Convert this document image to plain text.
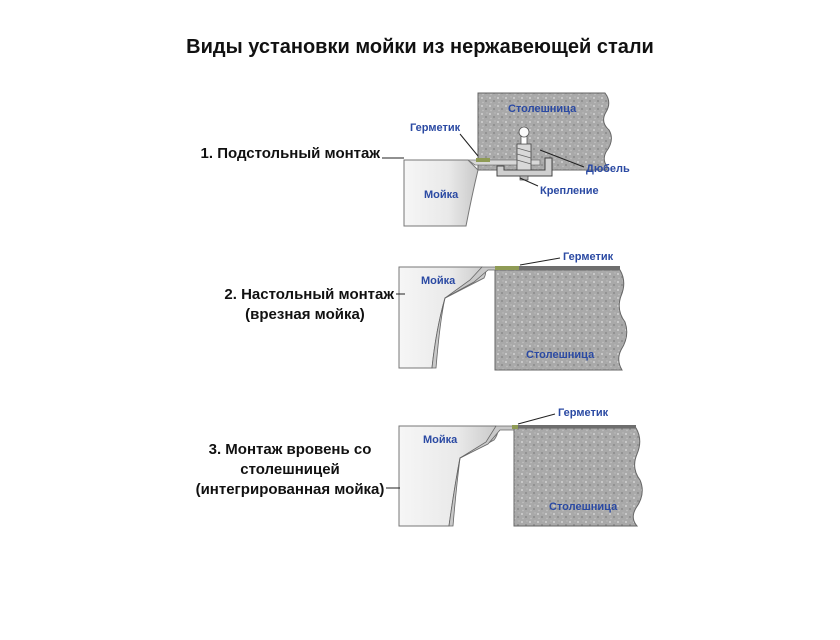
Виды установки мойки из нержавеющей стали
Столешница
Мойка
Герметик
Дюбель
Крепление
1. Подстольный монтаж
Столешница
Мойка
Герметик
2. Настольный монтаж
(врезная мойка)
Столешница
Мойка
Герметик
3. Монтаж вровень со
столешницей
(интегрированная мойка)
